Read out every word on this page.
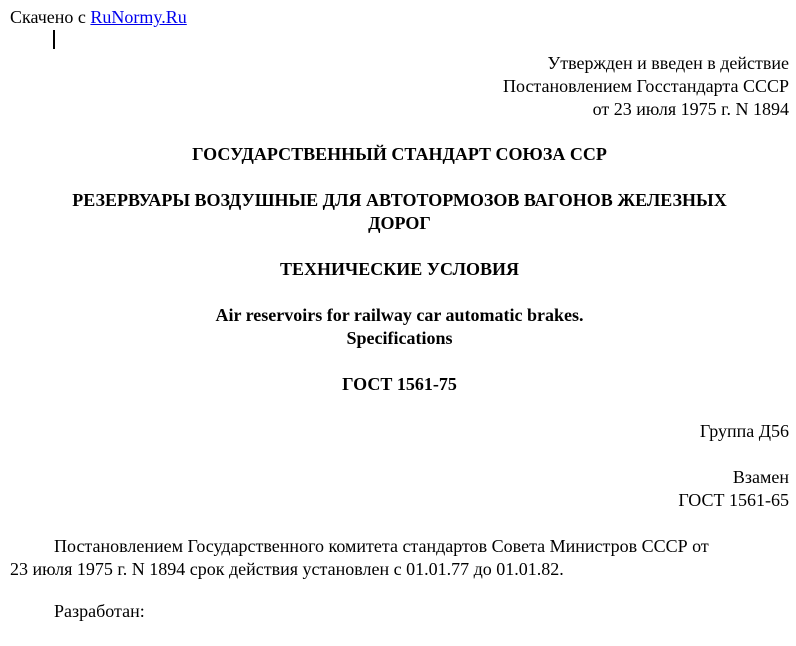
Скачено с RuNormy.Ru
Утвержден и введен в действие
Постановлением Госстандарта СССР
от 23 июля 1975 г. N 1894
ГОСУДАРСТВЕННЫЙ СТАНДАРТ СОЮЗА ССР
РЕЗЕРВУАРЫ ВОЗДУШНЫЕ ДЛЯ АВТОТОРМОЗОВ ВАГОНОВ ЖЕЛЕЗНЫХ
ДОРОГ
ТЕХНИЧЕСКИЕ УСЛОВИЯ
Air reservoirs for railway car automatic brakes.
Specifications
ГОСТ 1561-75
Группа Д56
Взамен
ГОСТ 1561-65
Постановлением Государственного комитета стандартов Совета Министров СССР от
23 июля 1975 г. N 1894 срок действия установлен с 01.01.77 до 01.01.82.
Разработан:
